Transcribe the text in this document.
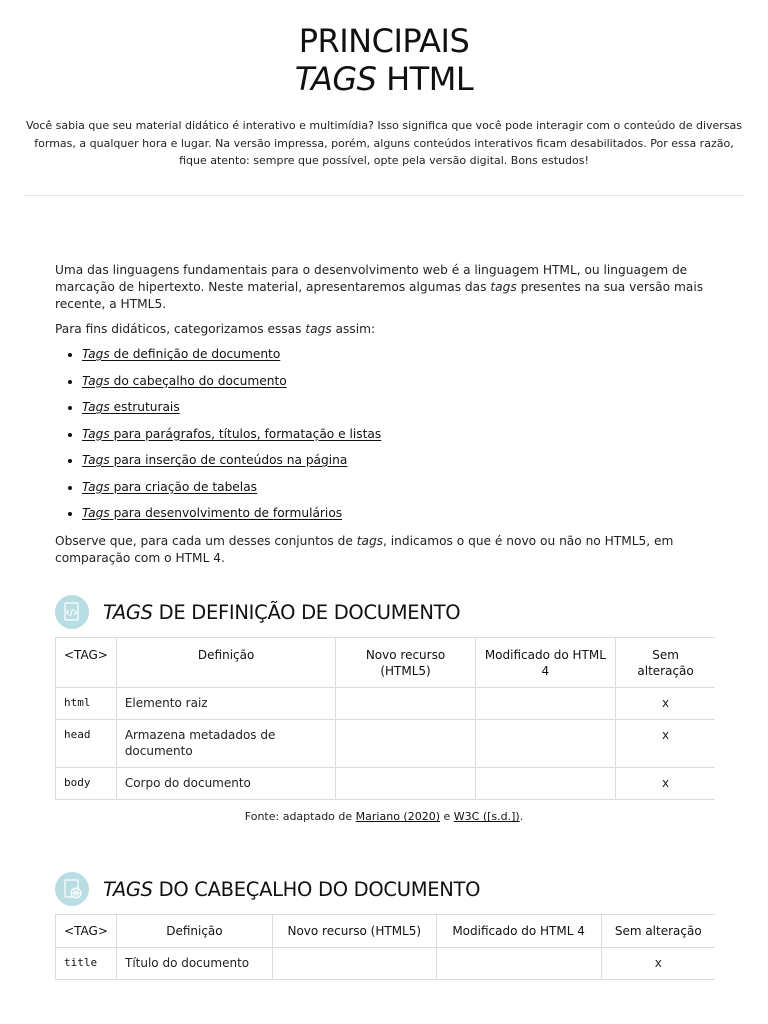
PRINCIPAIS
TAGS HTML

Você sabia que seu material didático é interativo e multimídia? Isso significa que você pode interagir com o conteúdo de diversas formas, a qualquer hora e lugar. Na versão impressa, porém, alguns conteúdos interativos ficam desabilitados. Por essa razão, fique atento: sempre que possível, opte pela versão digital. Bons estudos!

Uma das linguagens fundamentais para o desenvolvimento web é a linguagem HTML, ou linguagem de marcação de hipertexto. Neste material, apresentaremos algumas das tags presentes na sua versão mais recente, a HTML5.

Para fins didáticos, categorizamos essas tags assim:

• Tags de definição de documento
• Tags do cabeçalho do documento
• Tags estruturais
• Tags para parágrafos, títulos, formatação e listas
• Tags para inserção de conteúdos na página
• Tags para criação de tabelas
• Tags para desenvolvimento de formulários

Observe que, para cada um desses conjuntos de tags, indicamos o que é novo ou não no HTML5, em comparação com o HTML 4.

TAGS DE DEFINIÇÃO DE DOCUMENTO
<TAG>	Definição	Novo recurso (HTML5)	Modificado do HTML 4	Sem alteração
html	Elemento raiz			x
head	Armazena metadados de documento			x
body	Corpo do documento			x
Fonte: adaptado de Mariano (2020) e W3C ([s.d.]).
TAGS DO CABEÇALHO DO DOCUMENTO
<TAG>	Definição	Novo recurso (HTML5)	Modificado do HTML 4	Sem alteração
title	Título do documento			x
